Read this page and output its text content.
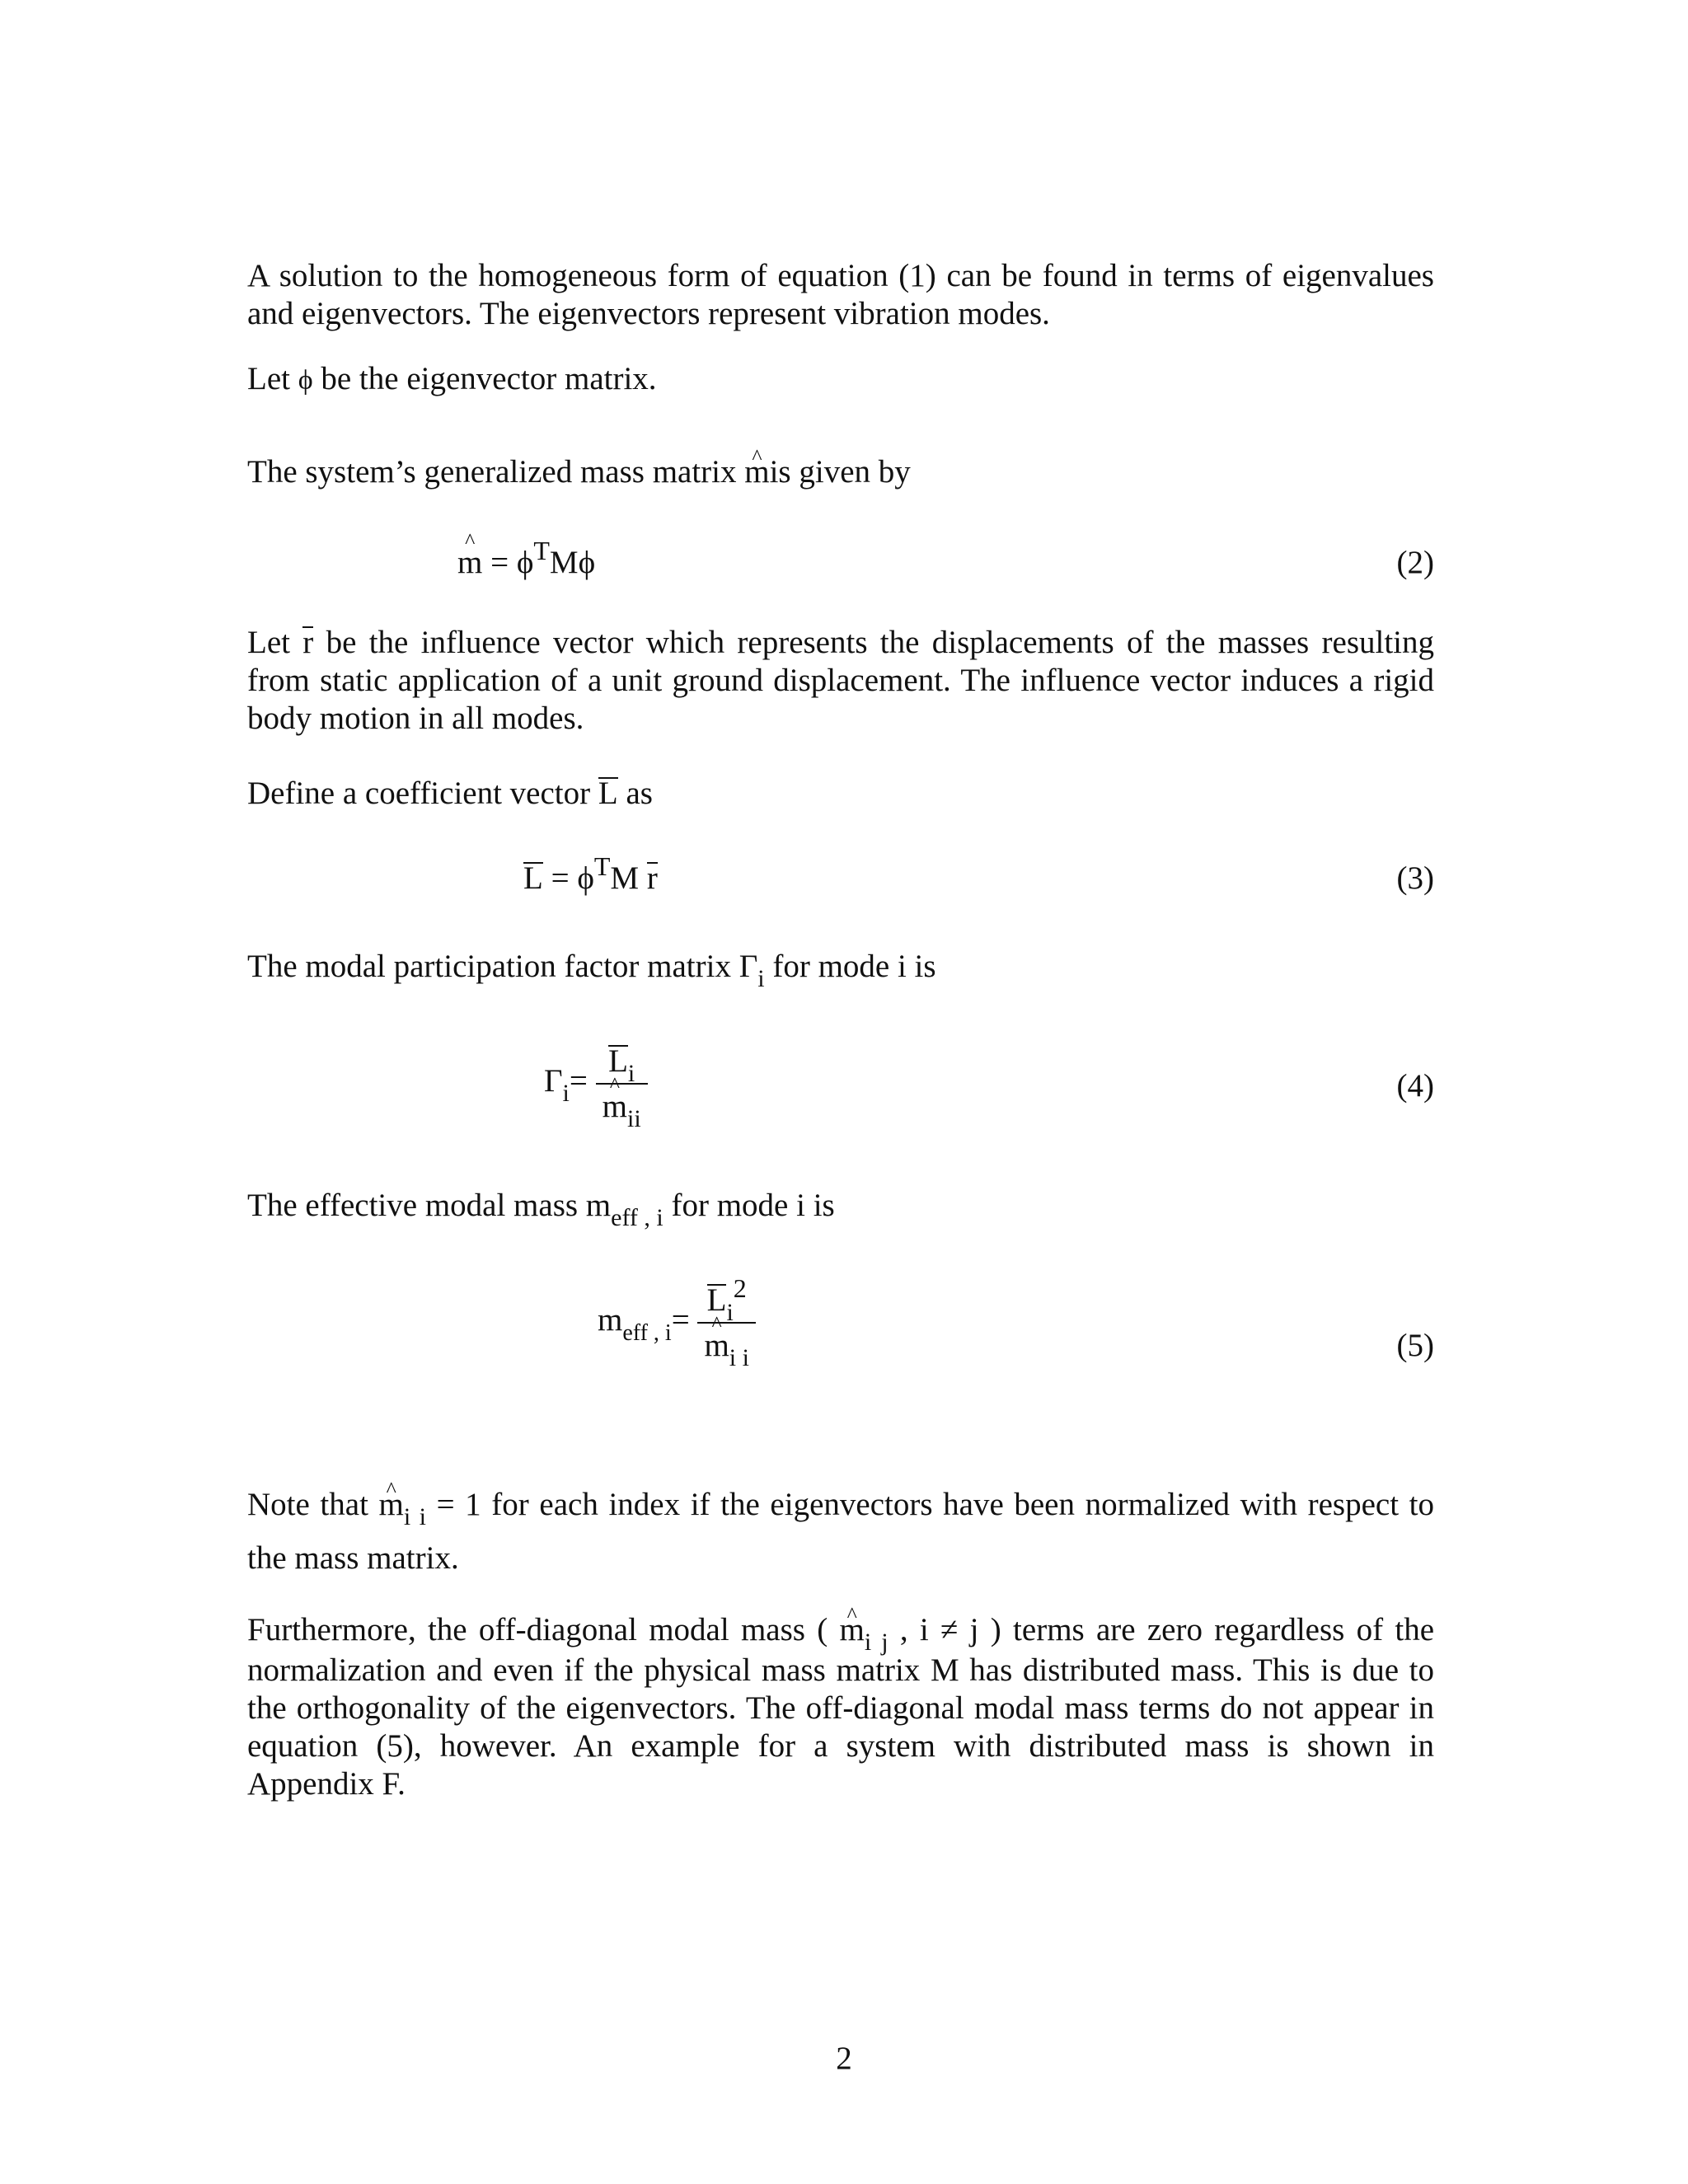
A solution to the homogeneous form of equation (1) can be found in terms of eigenvalues and eigenvectors. The eigenvectors represent vibration modes.

Let ϕ be the eigenvector matrix.
The system’s generalized mass matrix ^ mis given by
^ $m = \phi^TM\phi$	(2)

Let r be the influence vector which represents the displacements of the masses resulting from static application of a unit ground displacement. The influence vector induces a rigid body motion in all modes.

Define a coefficient vector L as
$L = \phi^TM$ r	(3)
The modal participation factor matrix $\Gamma_i$ for mode i is
$\Gamma_i= L_i$
^ $m_{ii}$	(4)
The effective modal mass $m_{eff , i}$ for mode i is
$m_{eff , i}= L_i^2$
^ $m_{i i}$	(5)

Note that ^ $m_{i i} = 1$ for each index if the eigenvectors have been normalized with respect to the mass matrix.

Furthermore, the off-diagonal modal mass ( ^ $m_{i j}$ , i ≠ j ) terms are zero regardless of the normalization and even if the physical mass matrix M has distributed mass. This is due to the orthogonality of the eigenvectors. The off-diagonal modal mass terms do not appear in equation (5), however. An example for a system with distributed mass is shown in Appendix F.

2
